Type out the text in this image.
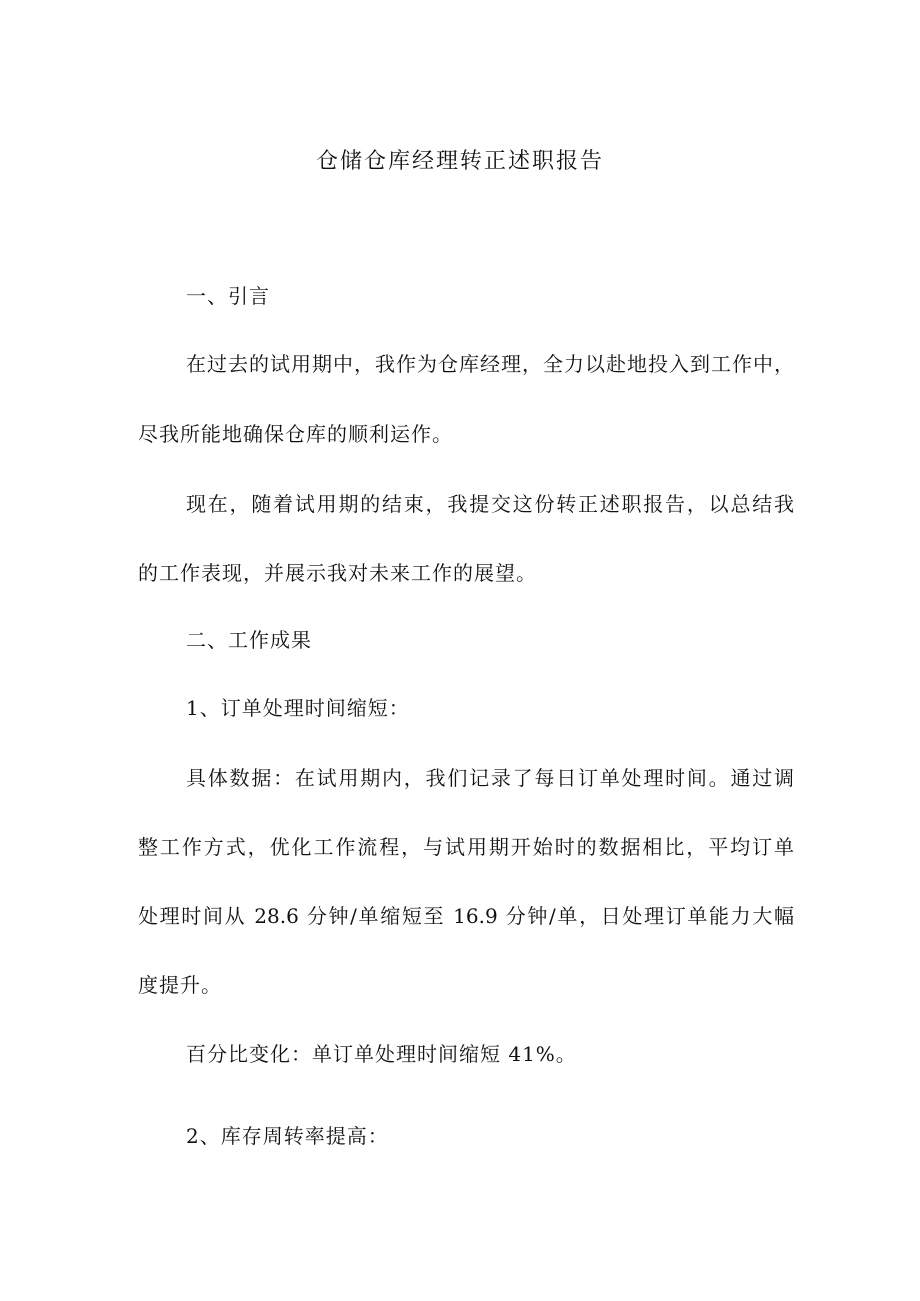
仓储仓库经理转正述职报告
一、引言
在过去的试用期中，我作为仓库经理，全力以赴地投入到工作中，
尽我所能地确保仓库的顺利运作。
现在，随着试用期的结束，我提交这份转正述职报告，以总结我
的工作表现，并展示我对未来工作的展望。
二、工作成果
1、订单处理时间缩短：
具体数据：在试用期内，我们记录了每日订单处理时间。通过调
整工作方式，优化工作流程，与试用期开始时的数据相比，平均订单
处理时间从 28.6 分钟/单缩短至 16.9 分钟/单，日处理订单能力大幅
度提升。
百分比变化：单订单处理时间缩短 41%。
2、库存周转率提高：
